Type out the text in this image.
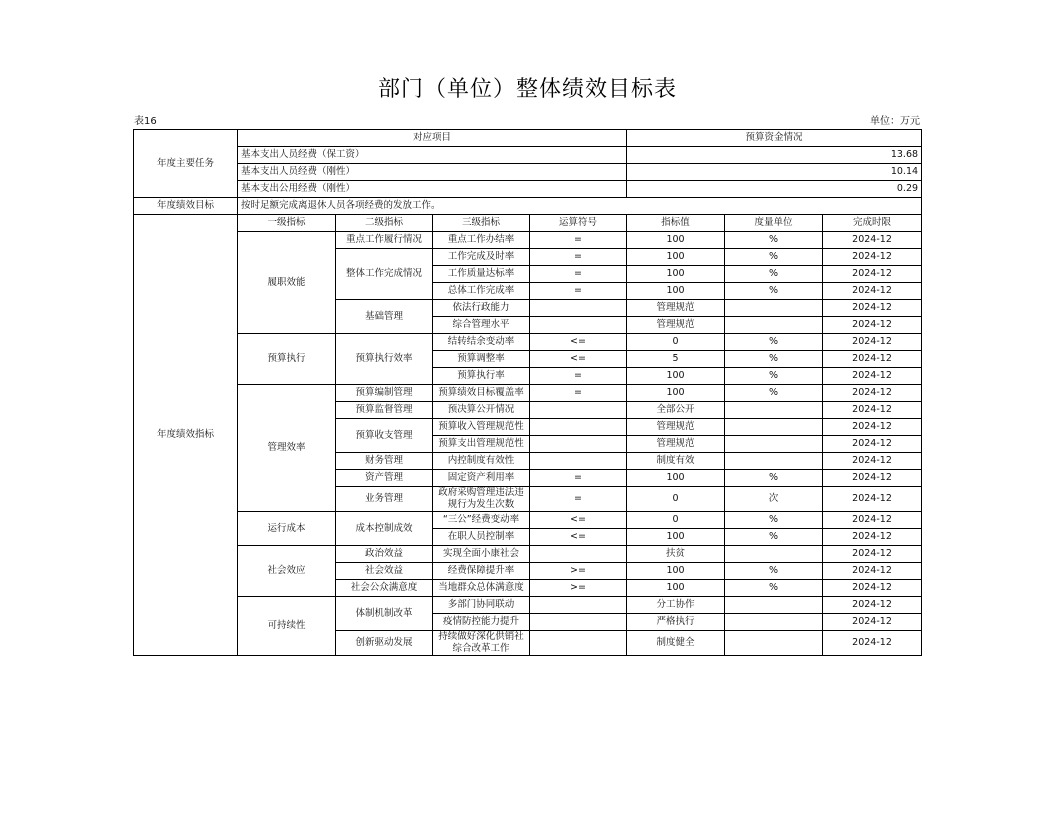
部门（单位）整体绩效目标表
表16	单位：万元
年度主要任务	对应项目				预算资金情况		
	基本支出人员经费（保工资）				13.68		
	基本支出人员经费（刚性）				10.14		
	基本支出公用经费（刚性）				0.29		
年度绩效目标	按时足额完成离退休人员各项经费的发放工作。						
年度绩效指标	一级指标	二级指标	三级指标	运算符号	指标值	度量单位	完成时限
	履职效能	重点工作履行情况	重点工作办结率	=	100	%	2024-12
		整体工作完成情况	工作完成及时率	=	100	%	2024-12
			工作质量达标率	=	100	%	2024-12
			总体工作完成率	=	100	%	2024-12
		基础管理	依法行政能力		管理规范		2024-12
			综合管理水平		管理规范		2024-12
	预算执行	预算执行效率	结转结余变动率	<=	0	%	2024-12
			预算调整率	<=	5	%	2024-12
			预算执行率	=	100	%	2024-12
	管理效率	预算编制管理	预算绩效目标覆盖率	=	100	%	2024-12
		预算监督管理	预决算公开情况		全部公开		2024-12
		预算收支管理	预算收入管理规范性		管理规范		2024-12
			预算支出管理规范性		管理规范		2024-12
		财务管理	内控制度有效性		制度有效		2024-12
		资产管理	固定资产利用率	=	100	%	2024-12
		业务管理	政府采购管理违法违规行为发生次数	=	0	次	2024-12
	运行成本	成本控制成效	“三公”经费变动率	<=	0	%	2024-12
			在职人员控制率	<=	100	%	2024-12
	社会效应	政治效益	实现全面小康社会		扶贫		2024-12
		社会效益	经费保障提升率	>=	100	%	2024-12
		社会公众满意度	当地群众总体满意度	>=	100	%	2024-12
	可持续性	体制机制改革	多部门协同联动		分工协作		2024-12
			疫情防控能力提升		严格执行		2024-12
		创新驱动发展	持续做好深化供销社综合改革工作		制度健全		2024-12
